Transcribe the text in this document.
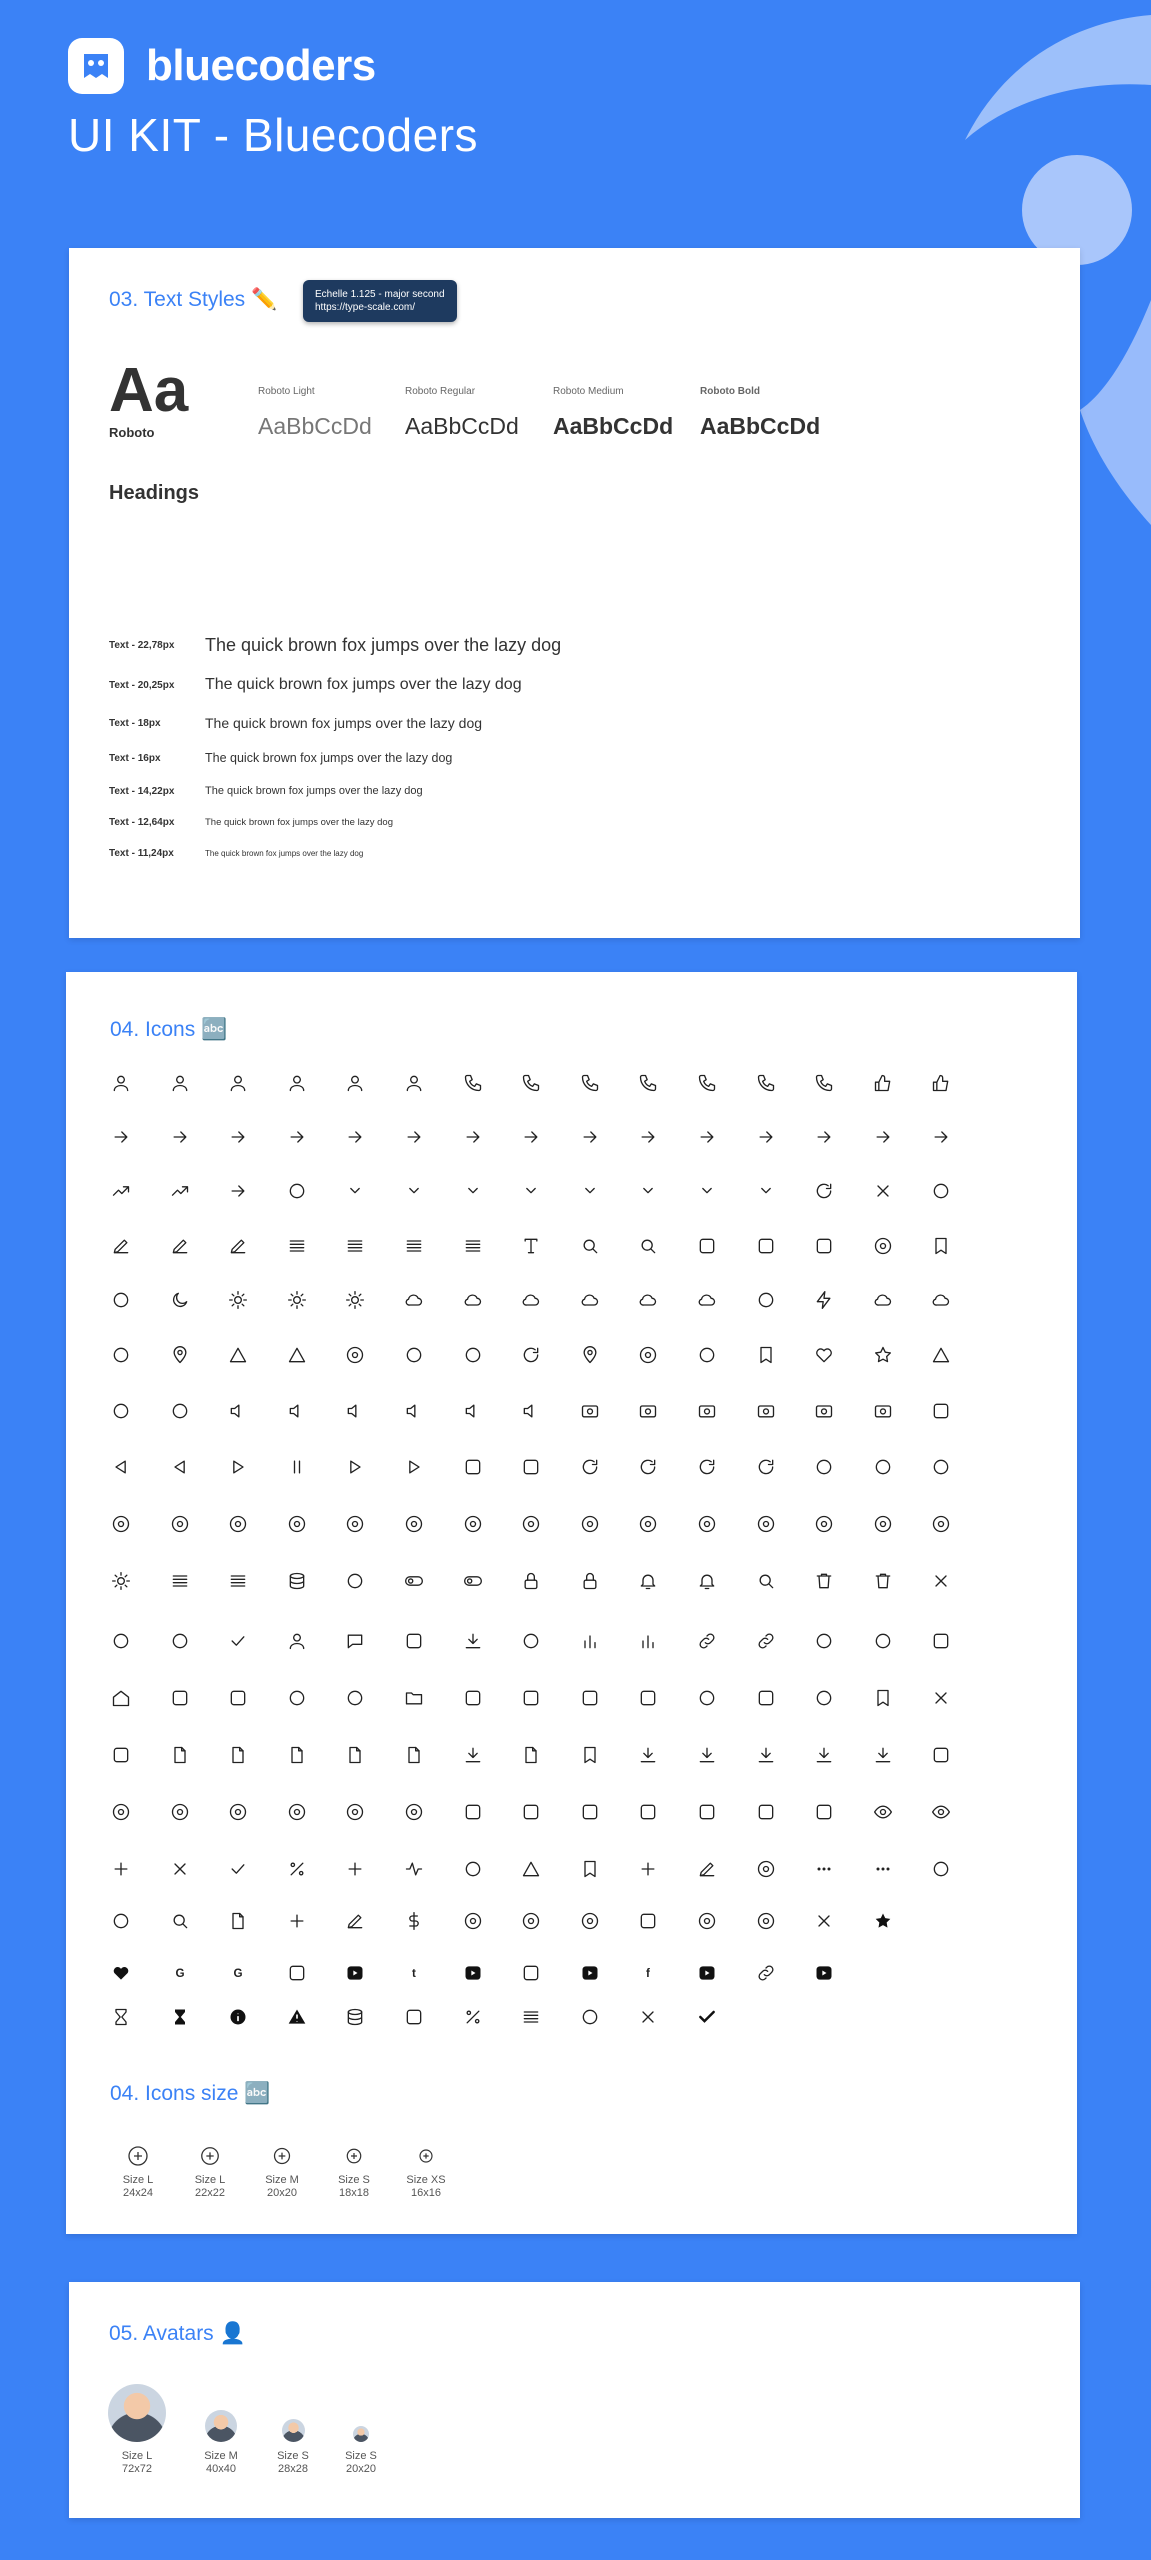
bluecoders
UI KIT - Bluecoders
03. Text Styles ✏️	Echelle 1.125 - major second
https://type-scale.com/
Aa
Roboto
Roboto Light
AaBbCcDd
Roboto Regular
AaBbCcDd
Roboto Medium
AaBbCcDd
Roboto Bold
AaBbCcDd
Headings
Text - 22,78px	The quick brown fox jumps over the lazy dog
Text - 20,25px	The quick brown fox jumps over the lazy dog
Text - 18px	The quick brown fox jumps over the lazy dog
Text - 16px	The quick brown fox jumps over the lazy dog
Text - 14,22px	The quick brown fox jumps over the lazy dog
Text - 12,64px	The quick brown fox jumps over the lazy dog
Text - 11,24px	The quick brown fox jumps over the lazy dog
04. Icons 🔤
G	G	t	f
04. Icons size 🔤
Size L
24x24
Size L
22x22
Size M
20x20
Size S
18x18
Size XS
16x16
05. Avatars 👤
Size L
72x72
Size M
40x40
Size S
28x28
Size S
20x20
